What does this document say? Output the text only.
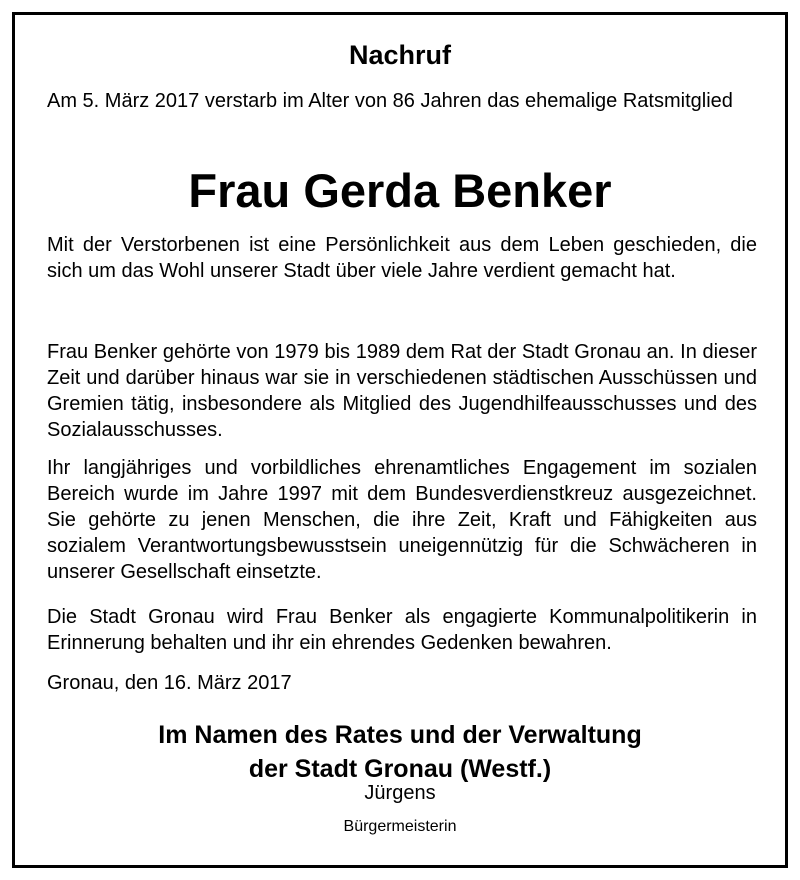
Nachruf
Am 5. März 2017 verstarb im Alter von 86 Jahren das ehemalige Ratsmitglied
Frau Gerda Benker

Mit der Verstorbenen ist eine Persönlichkeit aus dem Leben geschieden, die sich um das Wohl unserer Stadt über viele Jahre verdient gemacht hat.

Frau Benker gehörte von 1979 bis 1989 dem Rat der Stadt Gronau an. In dieser Zeit und darüber hinaus war sie in verschiedenen städtischen Ausschüssen und Gremien tätig, insbesondere als Mitglied des Jugendhilfeausschusses und des Sozialausschusses.

Ihr langjähriges und vorbildliches ehrenamtliches Engagement im sozialen Bereich wurde im Jahre 1997 mit dem Bundesverdienstkreuz ausgezeichnet. Sie gehörte zu jenen Menschen, die ihre Zeit, Kraft und Fähigkeiten aus sozialem Verantwortungsbewusstsein uneigennützig für die Schwächeren in unserer Gesellschaft einsetzte.

Die Stadt Gronau wird Frau Benker als engagierte Kommunalpolitikerin in Erinnerung behalten und ihr ein ehrendes Gedenken bewahren.

Gronau, den 16. März 2017
Im Namen des Rates und der Verwaltung
der Stadt Gronau (Westf.)
Jürgens
Bürgermeisterin
